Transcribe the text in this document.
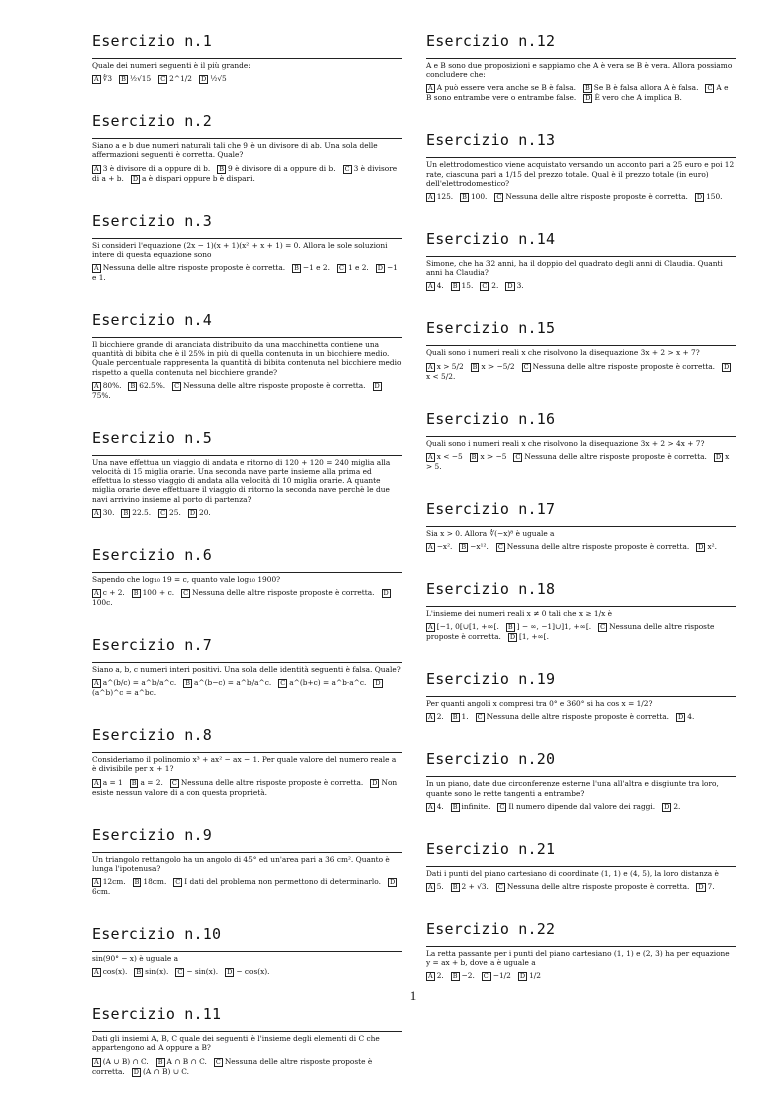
Esercizio n.1
Quale dei numeri seguenti è il più grande:
A ∜3 B ½√15 C 2^1/2 D ½√5
Esercizio n.2
Siano a e b due numeri naturali tali che 9 è un divisore di ab. Una sola delle affermazioni seguenti è corretta. Quale?
A 3 è divisore di a oppure di b. B 9 è divisore di a oppure di b. C 3 è divisore di a + b. D a è dispari oppure b è dispari.
Esercizio n.3
Si consideri l'equazione (2x − 1)(x + 1)(x² + x + 1) = 0. Allora le sole soluzioni intere di questa equazione sono
A Nessuna delle altre risposte proposte è corretta. B −1 e 2. C 1 e 2. D −1 e 1.
Esercizio n.4
Il bicchiere grande di aranciata distribuito da una macchinetta contiene una quantità di bibita che è il 25% in più di quella contenuta in un bicchiere medio. Quale percentuale rappresenta la quantità di bibita contenuta nel bicchiere medio rispetto a quella contenuta nel bicchiere grande?
A 80%. B 62.5%. C Nessuna delle altre risposte proposte è corretta. D75%.
Esercizio n.5
Una nave effettua un viaggio di andata e ritorno di 120 + 120 = 240 miglia alla velocità di 15 miglia orarie. Una seconda nave parte insieme alla prima ed effettua lo stesso viaggio di andata alla velocità di 10 miglia orarie. A quante miglia orarie deve effettuare il viaggio di ritorno la seconda nave perchè le due navi arrivino insieme al porto di partenza?
A 30. B 22.5. C 25. D 20.
Esercizio n.6
Sapendo che log₁₀ 19 = c, quanto vale log₁₀ 1900?
A c + 2. B 100 + c. C Nessuna delle altre risposte proposte è corretta. D100c.
Esercizio n.7
Siano a, b, c numeri interi positivi. Una sola delle identità seguenti è falsa. Quale?
A a^(b/c) = a^b/a^c. B a^(b−c) = a^b/a^c. C a^(b+c) = a^b·a^c. D(a^b)^c = a^bc.
Esercizio n.8
Consideriamo il polinomio x³ + ax² − ax − 1. Per quale valore del numero reale a è divisibile per x + 1?
A a = 1 B a = 2. C Nessuna delle altre risposte proposte è corretta. D Non esiste nessun valore di a con questa proprietà.
Esercizio n.9
Un triangolo rettangolo ha un angolo di 45° ed un'area pari a 36 cm². Quanto è lunga l'ipotenusa?
A 12cm. B 18cm. C I dati del problema non permettono di determinarlo. D6cm.
Esercizio n.10
sin(90° − x) è uguale a
A cos(x). B sin(x). C − sin(x). D − cos(x).
Esercizio n.11
Dati gli insiemi A, B, C quale dei seguenti è l'insieme degli elementi di C che appartengono ad A oppure a B?
A (A ∪ B) ∩ C. B A ∩ B ∩ C. C Nessuna delle altre risposte proposte è corretta. D (A ∩ B) ∪ C.
Esercizio n.12
A e B sono due proposizioni e sappiamo che A è vera se B è vera. Allora possiamo concludere che:
A A può essere vera anche se B è falsa. B Se B è falsa allora A è falsa. C A e B sono entrambe vere o entrambe false. D È vero che A implica B.
Esercizio n.13
Un elettrodomestico viene acquistato versando un acconto pari a 25 euro e poi 12 rate, ciascuna pari a 1/15 del prezzo totale. Qual è il prezzo totale (in euro) dell'elettrodomestico?
A 125. B 100. C Nessuna delle altre risposte proposte è corretta. D 150.
Esercizio n.14
Simone, che ha 32 anni, ha il doppio del quadrato degli anni di Claudia. Quanti anni ha Claudia?
A 4. B 15. C 2. D 3.
Esercizio n.15
Quali sono i numeri reali x che risolvono la disequazione 3x + 2 > x + 7?
A x > 5/2 B x > −5/2 C Nessuna delle altre risposte proposte è corretta. Dx < 5/2.
Esercizio n.16
Quali sono i numeri reali x che risolvono la disequazione 3x + 2 > 4x + 7?
A x < −5 B x > −5 C Nessuna delle altre risposte proposte è corretta. D x > 5.
Esercizio n.17
Sia x > 0. Allora ∜(−x)⁸ è uguale a
A −x². B −x¹². C Nessuna delle altre risposte proposte è corretta. D x².
Esercizio n.18
L'insieme dei numeri reali x ≠ 0 tali che x ≥ 1/x è
A [−1, 0[∪[1, +∞[. B ] − ∞, −1]∪]1, +∞[. C Nessuna delle altre risposte proposte è corretta. D [1, +∞[.
Esercizio n.19
Per quanti angoli x compresi tra 0° e 360° si ha cos x = 1/2?
A 2. B 1. C Nessuna delle altre risposte proposte è corretta. D 4.
Esercizio n.20
In un piano, date due circonferenze esterne l'una all'altra e disgiunte tra loro, quante sono le rette tangenti a entrambe?
A 4. B infinite. C Il numero dipende dal valore dei raggi. D 2.
Esercizio n.21
Dati i punti del piano cartesiano di coordinate (1, 1) e (4, 5), la loro distanza è
A 5. B 2 + √3. C Nessuna delle altre risposte proposte è corretta. D 7.
Esercizio n.22
La retta passante per i punti del piano cartesiano (1, 1) e (2, 3) ha per equazione y = ax + b, dove a è uguale a
A 2. B −2. C −1/2 D 1/2
1
